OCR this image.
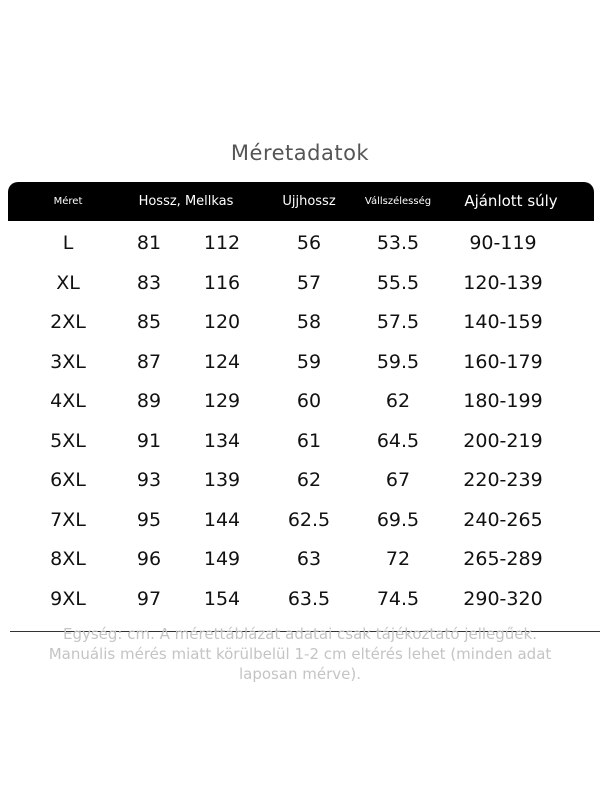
Méretadatok
Méret	Hossz, Mellkas	Ujjhossz	Vállszélesség	Ajánlott súly
L	81	112	56	53.5	90-119
XL	83	116	57	55.5	120-139
2XL	85	120	58	57.5	140-159
3XL	87	124	59	59.5	160-179
4XL	89	129	60	62	180-199
5XL	91	134	61	64.5	200-219
6XL	93	139	62	67	220-239
7XL	95	144	62.5	69.5	240-265
8XL	96	149	63	72	265-289
9XL	97	154	63.5	74.5	290-320
Egység: cm. A mérettáblázat adatai csak tájékoztató jellegűek.
Manuális mérés miatt körülbelül 1-2 cm eltérés lehet (minden adat
laposan mérve).
